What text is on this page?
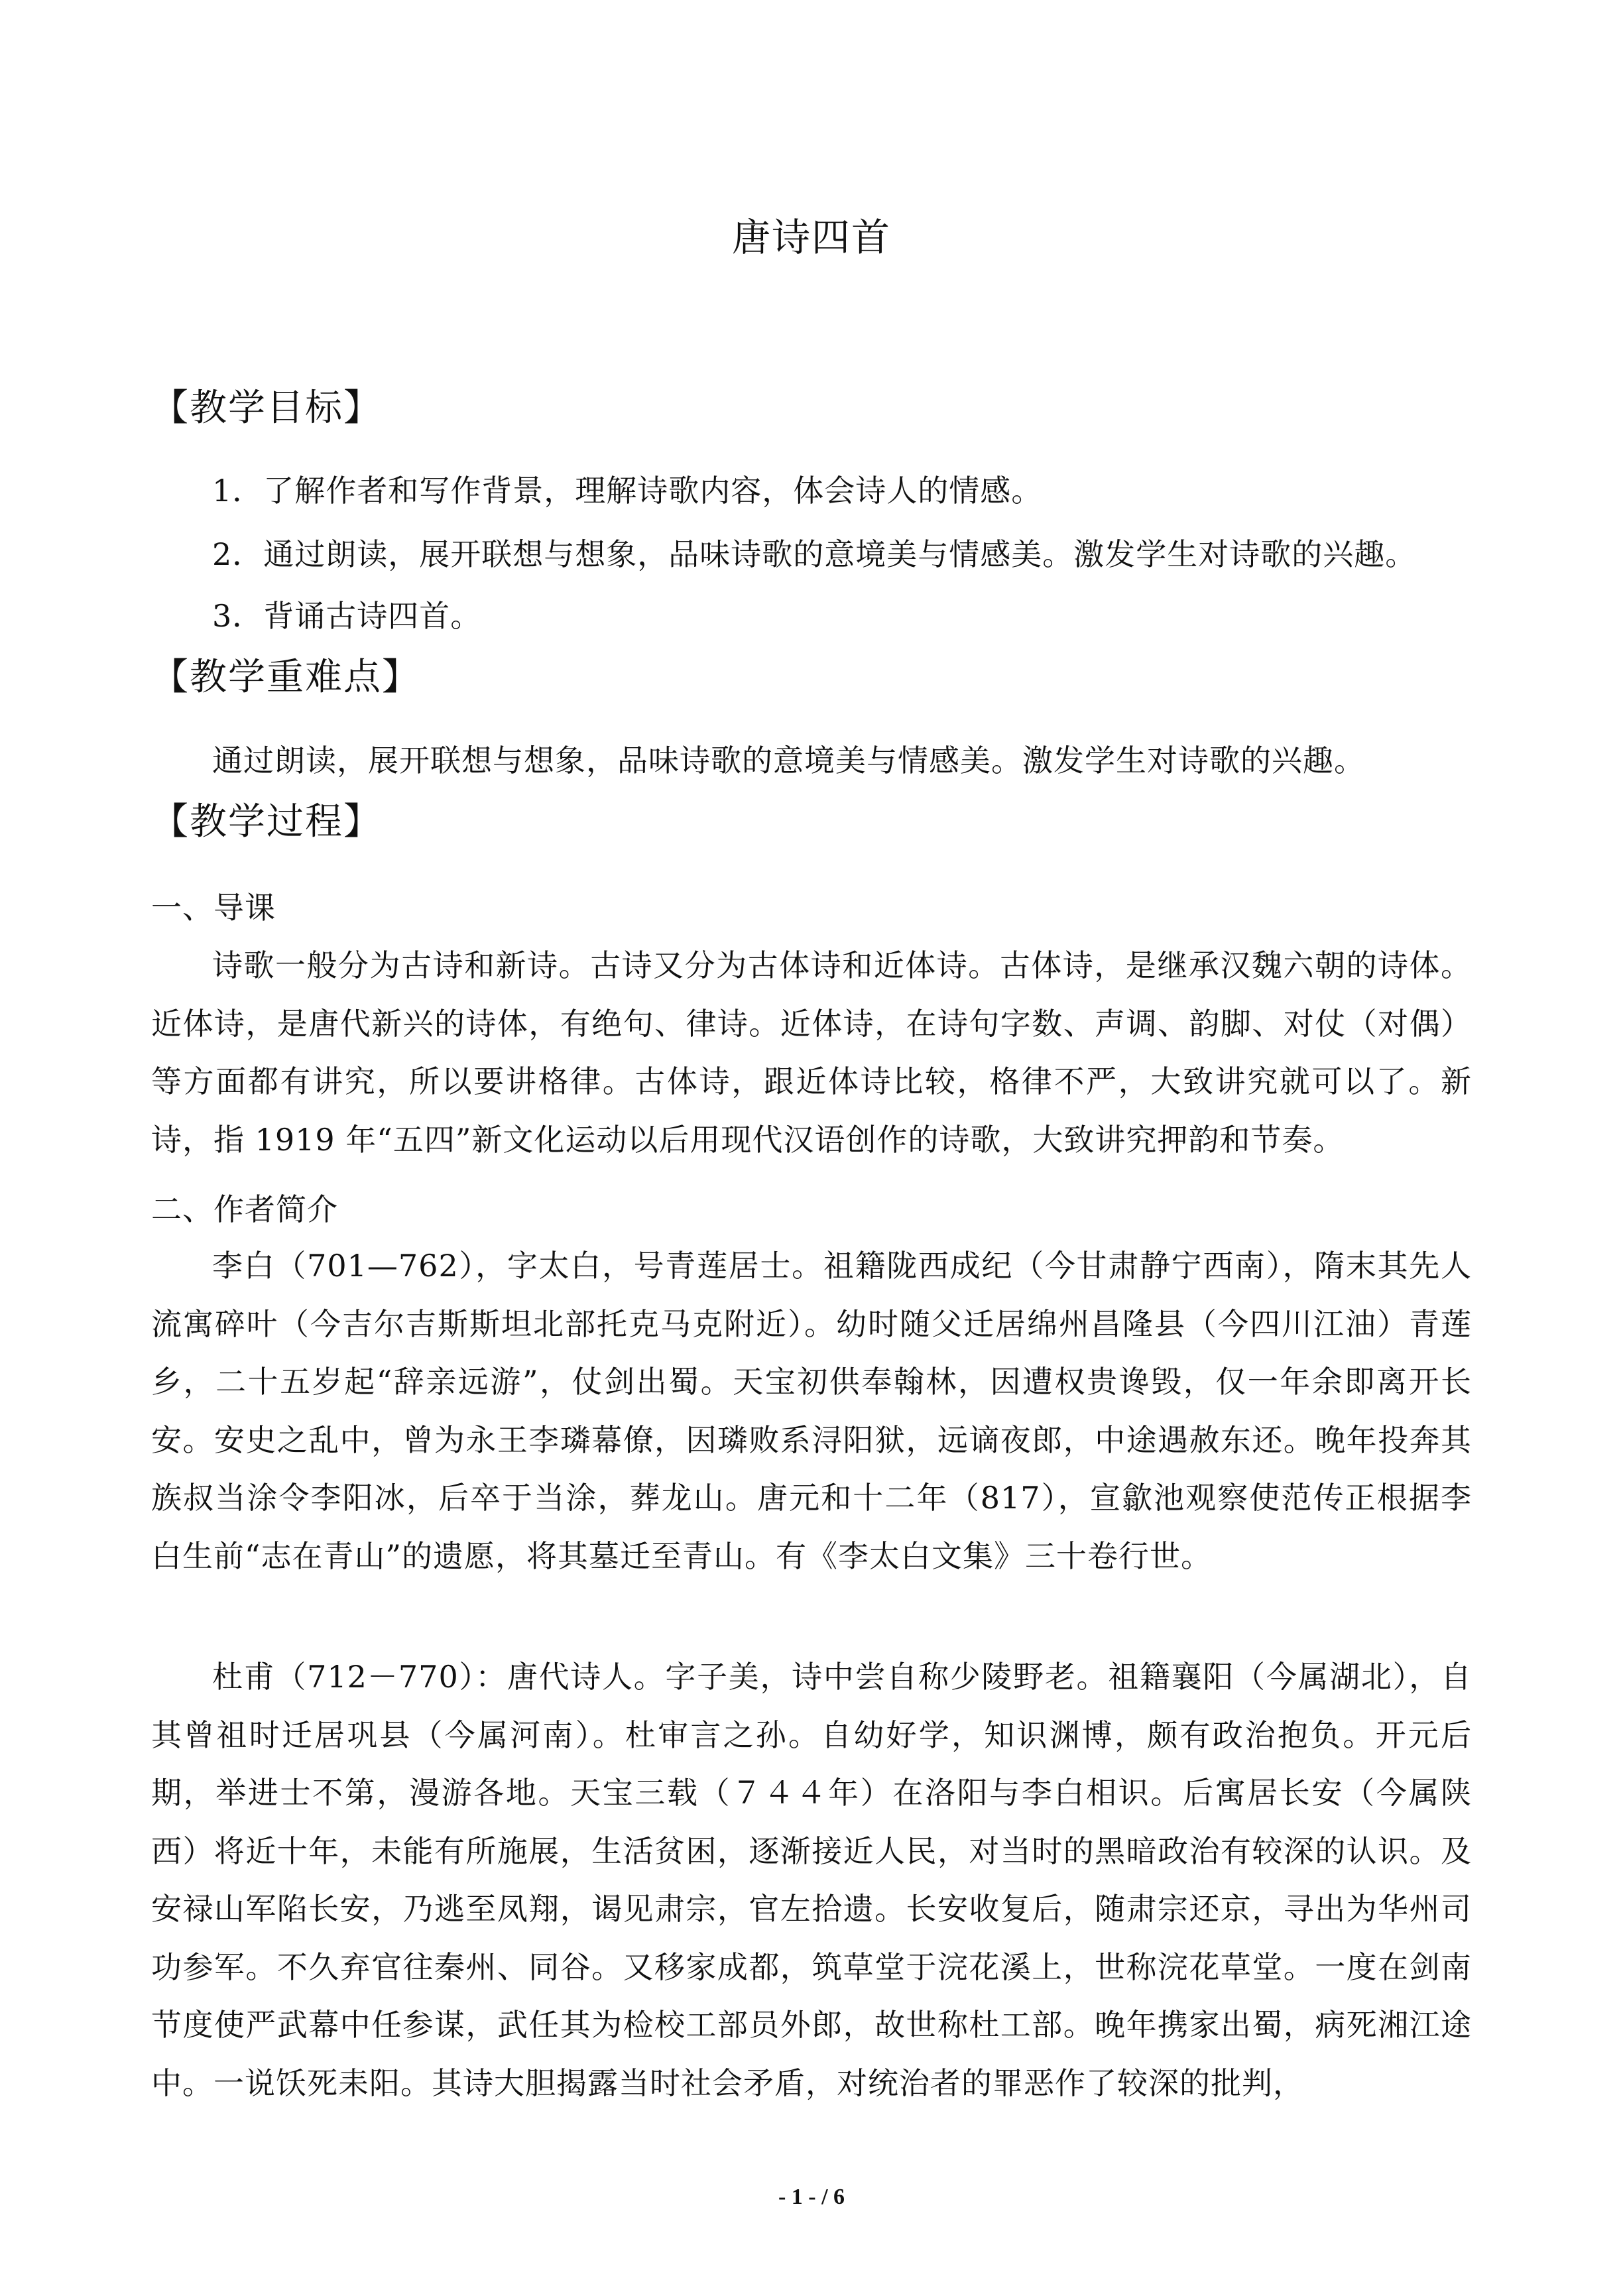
唐诗四首
【教学目标】
1．了解作者和写作背景，理解诗歌内容，体会诗人的情感。
2．通过朗读，展开联想与想象，品味诗歌的意境美与情感美。激发学生对诗歌的兴趣。
3．背诵古诗四首。
【教学重难点】
通过朗读，展开联想与想象，品味诗歌的意境美与情感美。激发学生对诗歌的兴趣。
【教学过程】
一、导课
诗歌一般分为古诗和新诗。古诗又分为古体诗和近体诗。古体诗，是继承汉魏六朝的诗体。近体诗，是唐代新兴的诗体，有绝句、律诗。近体诗，在诗句字数、声调、韵脚、对仗（对偶）等方面都有讲究，所以要讲格律。古体诗，跟近体诗比较，格律不严，大致讲究就可以了。新诗，指 1919 年“五四”新文化运动以后用现代汉语创作的诗歌，大致讲究押韵和节奏。
二、作者简介
李白（701—762），字太白，号青莲居士。祖籍陇西成纪（今甘肃静宁西南），隋末其先人流寓碎叶（今吉尔吉斯斯坦北部托克马克附近）。幼时随父迁居绵州昌隆县（今四川江油）青莲乡，二十五岁起“辞亲远游”，仗剑出蜀。天宝初供奉翰林，因遭权贵谗毁，仅一年余即离开长安。安史之乱中，曾为永王李璘幕僚，因璘败系浔阳狱，远谪夜郎，中途遇赦东还。晚年投奔其族叔当涂令李阳冰，后卒于当涂，葬龙山。唐元和十二年（817），宣歙池观察使范传正根据李白生前“志在青山”的遗愿，将其墓迁至青山。有《李太白文集》三十卷行世。
杜甫（712－770）：唐代诗人。字子美，诗中尝自称少陵野老。祖籍襄阳（今属湖北），自其曾祖时迁居巩县（今属河南）。杜审言之孙。自幼好学，知识渊博，颇有政治抱负。开元后期，举进士不第，漫游各地。天宝三载（７４４年）在洛阳与李白相识。后寓居长安（今属陕西）将近十年，未能有所施展，生活贫困，逐渐接近人民，对当时的黑暗政治有较深的认识。及安禄山军陷长安，乃逃至凤翔，谒见肃宗，官左拾遗。长安收复后，随肃宗还京，寻出为华州司功参军。不久弃官往秦州、同谷。又移家成都，筑草堂于浣花溪上，世称浣花草堂。一度在剑南节度使严武幕中任参谋，武任其为检校工部员外郎，故世称杜工部。晚年携家出蜀，病死湘江途中。一说饫死耒阳。其诗大胆揭露当时社会矛盾，对统治者的罪恶作了较深的批判，
- 1 - / 6
